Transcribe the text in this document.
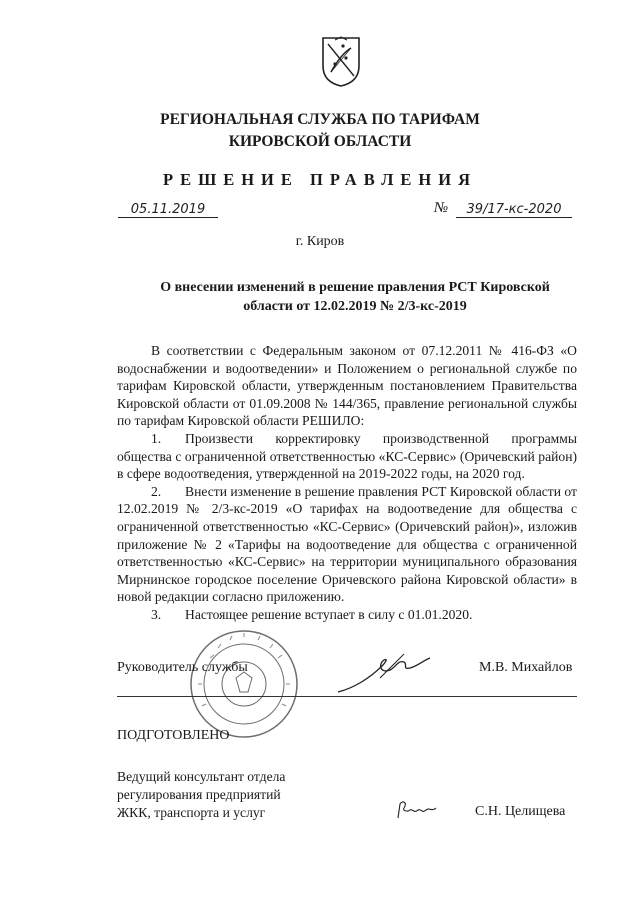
РЕГИОНАЛЬНАЯ СЛУЖБА ПО ТАРИФАМ
КИРОВСКОЙ ОБЛАСТИ
РЕШЕНИЕ ПРАВЛЕНИЯ
05.11.2019	№	39/17-кс-2020
г. Киров
О внесении изменений в решение правления РСТ Кировской
области от 12.02.2019 № 2/3-кс-2019

В соответствии с Федеральным законом от 07.12.2011 № 416-ФЗ «О водоснабжении и водоотведении» и Положением о региональной службе по тарифам Кировской области, утвержденным постановлением Правительства Кировской области от 01.09.2008 № 144/365, правление региональной службы по тарифам Кировской области РЕШИЛО:

1. Произвести корректировку производственной программы общества с ограниченной ответственностью «КС-Сервис» (Оричевский район) в сфере водоотведения, утвержденной на 2019-2022 годы, на 2020 год.

2. Внести изменение в решение правления РСТ Кировской области от 12.02.2019 № 2/3-кс-2019 «О тарифах на водоотведение для общества с ограниченной ответственностью «КС-Сервис» (Оричевский район)», изложив приложение № 2 «Тарифы на водоотведение для общества с ограниченной ответственностью «КС-Сервис» на территории муниципального образования Мирнинское городское поселение Оричевского района Кировской области» в новой редакции согласно приложению.

3. Настоящее решение вступает в силу с 01.01.2020.

Руководитель службы	М.В. Михайлов
ПОДГОТОВЛЕНО
Ведущий консультант отдела
регулирования предприятий
ЖКК, транспорта и услуг	С.Н. Целищева
